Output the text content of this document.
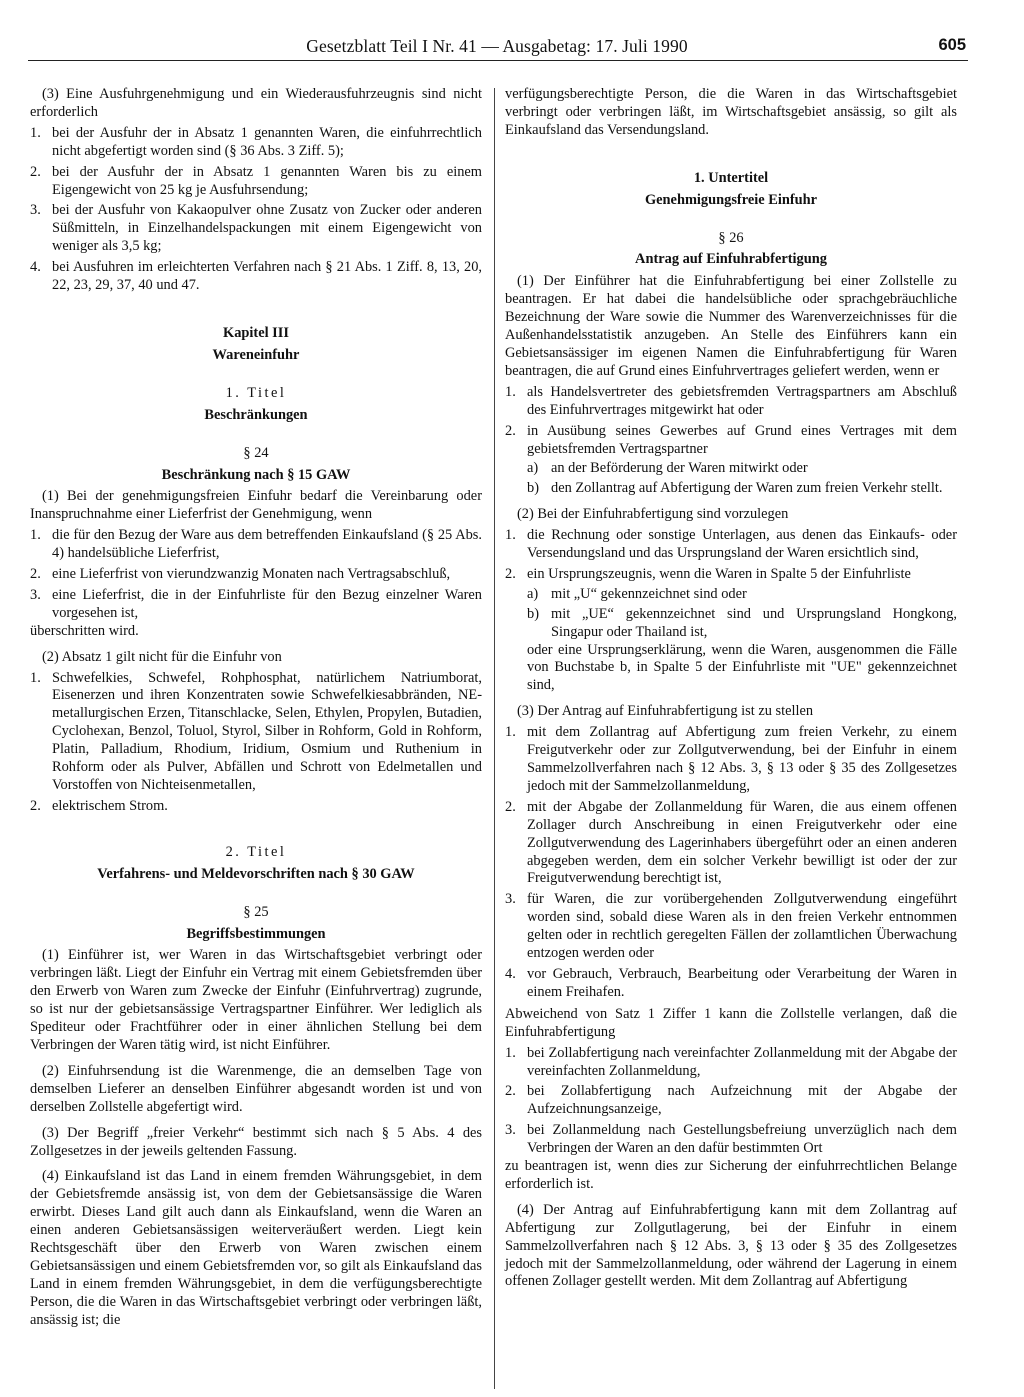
Gesetzblatt Teil I Nr. 41 — Ausgabetag: 17. Juli 1990	605

(3) Eine Ausfuhrgenehmigung und ein Wiederausfuhrzeugnis sind nicht erforderlich

1. bei der Ausfuhr der in Absatz 1 genannten Waren, die einfuhrrechtlich nicht abgefertigt worden sind (§ 36 Abs. 3 Ziff. 5);
2. bei der Ausfuhr der in Absatz 1 genannten Waren bis zu einem Eigengewicht von 25 kg je Ausfuhrsendung;
3. bei der Ausfuhr von Kakaopulver ohne Zusatz von Zucker oder anderen Süßmitteln, in Einzelhandelspackungen mit einem Eigengewicht von weniger als 3,5 kg;
4. bei Ausfuhren im erleichterten Verfahren nach § 21 Abs. 1 Ziff. 8, 13, 20, 22, 23, 29, 37, 40 und 47.

Kapitel III

Wareneinfuhr

1. Titel

Beschränkungen

§ 24

Beschränkung nach § 15 GAW

(1) Bei der genehmigungsfreien Einfuhr bedarf die Vereinbarung oder Inanspruchnahme einer Lieferfrist der Genehmigung, wenn

1. die für den Bezug der Ware aus dem betreffenden Einkaufsland (§ 25 Abs. 4) handelsübliche Lieferfrist,
2. eine Lieferfrist von vierundzwanzig Monaten nach Vertragsabschluß,
3. eine Lieferfrist, die in der Einfuhrliste für den Bezug einzelner Waren vorgesehen ist,

überschritten wird.

(2) Absatz 1 gilt nicht für die Einfuhr von

1. Schwefelkies, Schwefel, Rohphosphat, natürlichem Natriumborat, Eisenerzen und ihren Konzentraten sowie Schwefelkiesabbränden, NE-metallurgischen Erzen, Titanschlacke, Selen, Ethylen, Propylen, Butadien, Cyclohexan, Benzol, Toluol, Styrol, Silber in Rohform, Gold in Rohform, Platin, Palladium, Rhodium, Iridium, Osmium und Ruthenium in Rohform oder als Pulver, Abfällen und Schrott von Edelmetallen und Vorstoffen von Nichteisenmetallen,
2. elektrischem Strom.

2. Titel

Verfahrens- und Meldevorschriften nach § 30 GAW

§ 25

Begriffsbestimmungen

(1) Einführer ist, wer Waren in das Wirtschaftsgebiet verbringt oder verbringen läßt. Liegt der Einfuhr ein Vertrag mit einem Gebietsfremden über den Erwerb von Waren zum Zwecke der Einfuhr (Einfuhrvertrag) zugrunde, so ist nur der gebietsansässige Vertragspartner Einführer. Wer lediglich als Spediteur oder Frachtführer oder in einer ähnlichen Stellung bei dem Verbringen der Waren tätig wird, ist nicht Einführer.

(2) Einfuhrsendung ist die Warenmenge, die an demselben Tage von demselben Lieferer an denselben Einführer abgesandt worden ist und von derselben Zollstelle abgefertigt wird.

(3) Der Begriff „freier Verkehr“ bestimmt sich nach § 5 Abs. 4 des Zollgesetzes in der jeweils geltenden Fassung.

(4) Einkaufsland ist das Land in einem fremden Währungsgebiet, in dem der Gebietsfremde ansässig ist, von dem der Gebietsansässige die Waren erwirbt. Dieses Land gilt auch dann als Einkaufsland, wenn die Waren an einen anderen Gebietsansässigen weiterveräußert werden. Liegt kein Rechtsgeschäft über den Erwerb von Waren zwischen einem Gebietsansässigen und einem Gebietsfremden vor, so gilt als Einkaufsland das Land in einem fremden Währungsgebiet, in dem die verfügungsberechtigte Person, die die Waren in das Wirtschaftsgebiet verbringt oder verbringen läßt, ansässig ist; die

verfügungsberechtigte Person, die die Waren in das Wirtschaftsgebiet verbringt oder verbringen läßt, im Wirtschaftsgebiet ansässig, so gilt als Einkaufsland das Versendungsland.

1. Untertitel

Genehmigungsfreie Einfuhr

§ 26

Antrag auf Einfuhrabfertigung

(1) Der Einführer hat die Einfuhrabfertigung bei einer Zollstelle zu beantragen. Er hat dabei die handelsübliche oder sprachgebräuchliche Bezeichnung der Ware sowie die Nummer des Warenverzeichnisses für die Außenhandelsstatistik anzugeben. An Stelle des Einführers kann ein Gebietsansässiger im eigenen Namen die Einfuhrabfertigung für Waren beantragen, die auf Grund eines Einfuhrvertrages geliefert werden, wenn er

1. als Handelsvertreter des gebietsfremden Vertragspartners am Abschluß des Einfuhrvertrages mitgewirkt hat oder
2. in Ausübung seines Gewerbes auf Grund eines Vertrages mit dem gebietsfremden Vertragspartner
a) an der Beförderung der Waren mitwirkt oder
b) den Zollantrag auf Abfertigung der Waren zum freien Verkehr stellt.

(2) Bei der Einfuhrabfertigung sind vorzulegen

1. die Rechnung oder sonstige Unterlagen, aus denen das Einkaufs- oder Versendungsland und das Ursprungsland der Waren ersichtlich sind,
2. ein Ursprungszeugnis, wenn die Waren in Spalte 5 der Einfuhrliste
a) mit „U“ gekennzeichnet sind oder
b) mit „UE“ gekennzeichnet sind und Ursprungsland Hongkong, Singapur oder Thailand ist,

oder eine Ursprungserklärung, wenn die Waren, ausgenommen die Fälle von Buchstabe b, in Spalte 5 der Einfuhrliste mit "UE" gekennzeichnet sind,

(3) Der Antrag auf Einfuhrabfertigung ist zu stellen

1. mit dem Zollantrag auf Abfertigung zum freien Verkehr, zu einem Freigutverkehr oder zur Zollgutverwendung, bei der Einfuhr in einem Sammelzollverfahren nach § 12 Abs. 3, § 13 oder § 35 des Zollgesetzes jedoch mit der Sammelzollanmeldung,
2. mit der Abgabe der Zollanmeldung für Waren, die aus einem offenen Zollager durch Anschreibung in einen Freigutverkehr oder eine Zollgutverwendung des Lagerinhabers übergeführt oder an einen anderen abgegeben werden, dem ein solcher Verkehr bewilligt ist oder der zur Freigutverwendung berechtigt ist,
3. für Waren, die zur vorübergehenden Zollgutverwendung eingeführt worden sind, sobald diese Waren als in den freien Verkehr entnommen gelten oder in rechtlich geregelten Fällen der zollamtlichen Überwachung entzogen werden oder
4. vor Gebrauch, Verbrauch, Bearbeitung oder Verarbeitung der Waren in einem Freihafen.

Abweichend von Satz 1 Ziffer 1 kann die Zollstelle verlangen, daß die Einfuhrabfertigung

1. bei Zollabfertigung nach vereinfachter Zollanmeldung mit der Abgabe der vereinfachten Zollanmeldung,
2. bei Zollabfertigung nach Aufzeichnung mit der Abgabe der Aufzeichnungsanzeige,
3. bei Zollanmeldung nach Gestellungsbefreiung unverzüglich nach dem Verbringen der Waren an den dafür bestimmten Ort

zu beantragen ist, wenn dies zur Sicherung der einfuhrrechtlichen Belange erforderlich ist.

(4) Der Antrag auf Einfuhrabfertigung kann mit dem Zollantrag auf Abfertigung zur Zollgutlagerung, bei der Einfuhr in einem Sammelzollverfahren nach § 12 Abs. 3, § 13 oder § 35 des Zollgesetzes jedoch mit der Sammelzollanmeldung, oder während der Lagerung in einem offenen Zollager gestellt werden. Mit dem Zollantrag auf Abfertigung
